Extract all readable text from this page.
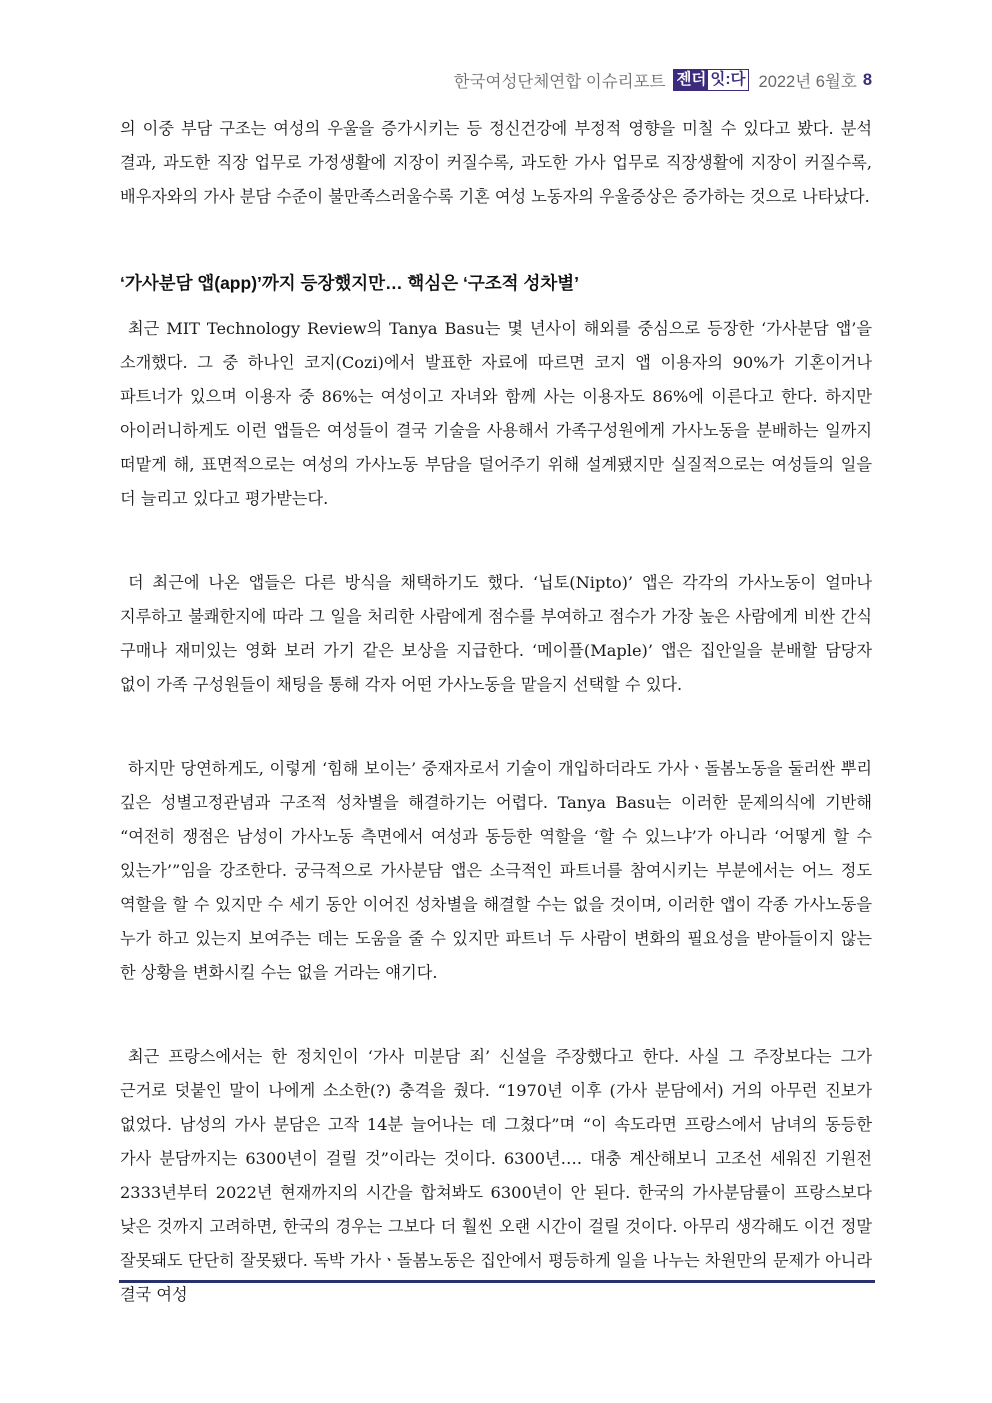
한국여성단체연합 이슈리포트 젠더 잇:다 2022년 6월호 8

의 이중 부담 구조는 여성의 우울을 증가시키는 등 정신건강에 부정적 영향을 미칠 수 있다고 봤다. 분석 결과, 과도한 직장 업무로 가정생활에 지장이 커질수록, 과도한 가사 업무로 직장생활에 지장이 커질수록, 배우자와의 가사 분담 수준이 불만족스러울수록 기혼 여성 노동자의 우울증상은 증가하는 것으로 나타났다.

‘가사분담 앱(app)’까지 등장했지만… 핵심은 ‘구조적 성차별’

최근 MIT Technology Review의 Tanya Basu는 몇 년사이 해외를 중심으로 등장한 ‘가사분담 앱’을 소개했다. 그 중 하나인 코지(Cozi)에서 발표한 자료에 따르면 코지 앱 이용자의 90%가 기혼이거나 파트너가 있으며 이용자 중 86%는 여성이고 자녀와 함께 사는 이용자도 86%에 이른다고 한다. 하지만 아이러니하게도 이런 앱들은 여성들이 결국 기술을 사용해서 가족구성원에게 가사노동을 분배하는 일까지 떠맡게 해, 표면적으로는 여성의 가사노동 부담을 덜어주기 위해 설계됐지만 실질적으로는 여성들의 일을 더 늘리고 있다고 평가받는다.

더 최근에 나온 앱들은 다른 방식을 채택하기도 했다. ‘닙토(Nipto)’ 앱은 각각의 가사노동이 얼마나 지루하고 불쾌한지에 따라 그 일을 처리한 사람에게 점수를 부여하고 점수가 가장 높은 사람에게 비싼 간식 구매나 재미있는 영화 보러 가기 같은 보상을 지급한다. ‘메이플(Maple)’ 앱은 집안일을 분배할 담당자 없이 가족 구성원들이 채팅을 통해 각자 어떤 가사노동을 맡을지 선택할 수 있다.

하지만 당연하게도, 이렇게 ‘힘해 보이는’ 중재자로서 기술이 개입하더라도 가사ㆍ돌봄노동을 둘러싼 뿌리 깊은 성별고정관념과 구조적 성차별을 해결하기는 어렵다. Tanya Basu는 이러한 문제의식에 기반해 “여전히 쟁점은 남성이 가사노동 측면에서 여성과 동등한 역할을 ‘할 수 있느냐’가 아니라 ‘어떻게 할 수 있는가’”임을 강조한다. 궁극적으로 가사분담 앱은 소극적인 파트너를 참여시키는 부분에서는 어느 정도 역할을 할 수 있지만 수 세기 동안 이어진 성차별을 해결할 수는 없을 것이며, 이러한 앱이 각종 가사노동을 누가 하고 있는지 보여주는 데는 도움을 줄 수 있지만 파트너 두 사람이 변화의 필요성을 받아들이지 않는 한 상황을 변화시킬 수는 없을 거라는 얘기다.

최근 프랑스에서는 한 정치인이 ‘가사 미분담 죄’ 신설을 주장했다고 한다. 사실 그 주장보다는 그가 근거로 덧붙인 말이 나에게 소소한(?) 충격을 줬다. “1970년 이후 (가사 분담에서) 거의 아무런 진보가 없었다. 남성의 가사 분담은 고작 14분 늘어나는 데 그쳤다”며 “이 속도라면 프랑스에서 남녀의 동등한 가사 분담까지는 6300년이 걸릴 것”이라는 것이다. 6300년…. 대충 계산해보니 고조선 세워진 기원전 2333년부터 2022년 현재까지의 시간을 합쳐봐도 6300년이 안 된다. 한국의 가사분담률이 프랑스보다 낮은 것까지 고려하면, 한국의 경우는 그보다 더 훨씬 오랜 시간이 걸릴 것이다. 아무리 생각해도 이건 정말 잘못돼도 단단히 잘못됐다. 독박 가사ㆍ돌봄노동은 집안에서 평등하게 일을 나누는 차원만의 문제가 아니라 결국 여성
